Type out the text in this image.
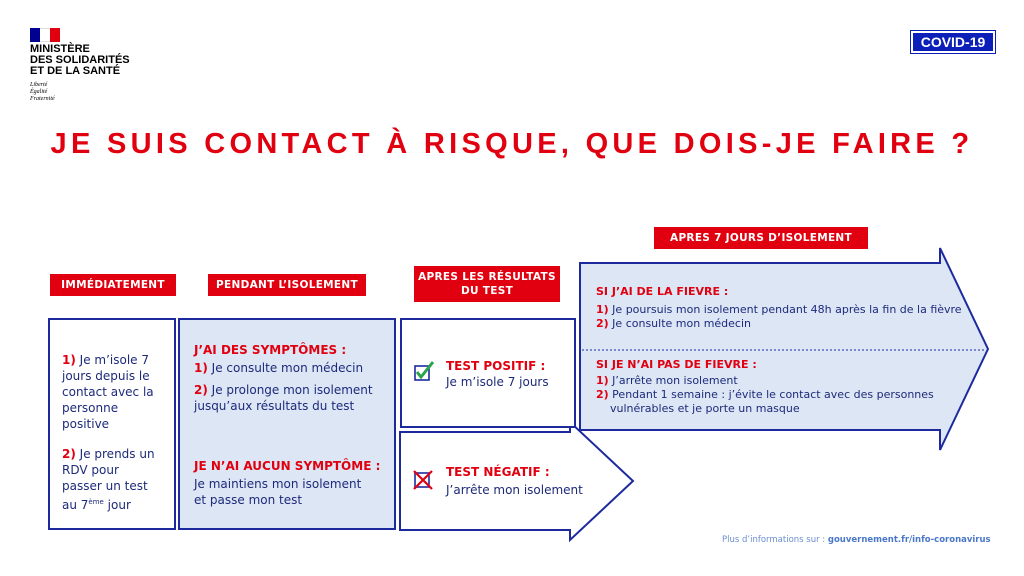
MINISTÈRE
DES SOLIDARITÉS
ET DE LA SANTÉ
Liberté
Égalité
Fraternité
COVID-19
JE SUIS CONTACT À RISQUE, QUE DOIS-JE FAIRE ?
IMMÉDIATEMENT	PENDANT L’ISOLEMENT
APRES LES RÉSULTATS
DU TEST
APRES 7 JOURS D’ISOLEMENT
1) Je m’isole 7
jours depuis le
contact avec la
personne
positive
2) Je prends un
RDV pour
passer un test
au 7ème jour
J’AI DES SYMPTÔMES :
1) Je consulte mon médecin
2) Je prolonge mon isolement
jusqu’aux résultats du test
JE N’AI AUCUN SYMPTÔME :
Je maintiens mon isolement
et passe mon test
TEST POSITIF :
Je m’isole 7 jours
TEST NÉGATIF :
J’arrête mon isolement
SI J’AI DE LA FIEVRE :
1) Je poursuis mon isolement pendant 48h après la fin de la fièvre
2) Je consulte mon médecin
SI JE N’AI PAS DE FIEVRE :
1) J’arrête mon isolement
2) Pendant 1 semaine : j’évite le contact avec des personnes
vulnérables et je porte un masque
Plus d’informations sur : gouvernement.fr/info-coronavirus
